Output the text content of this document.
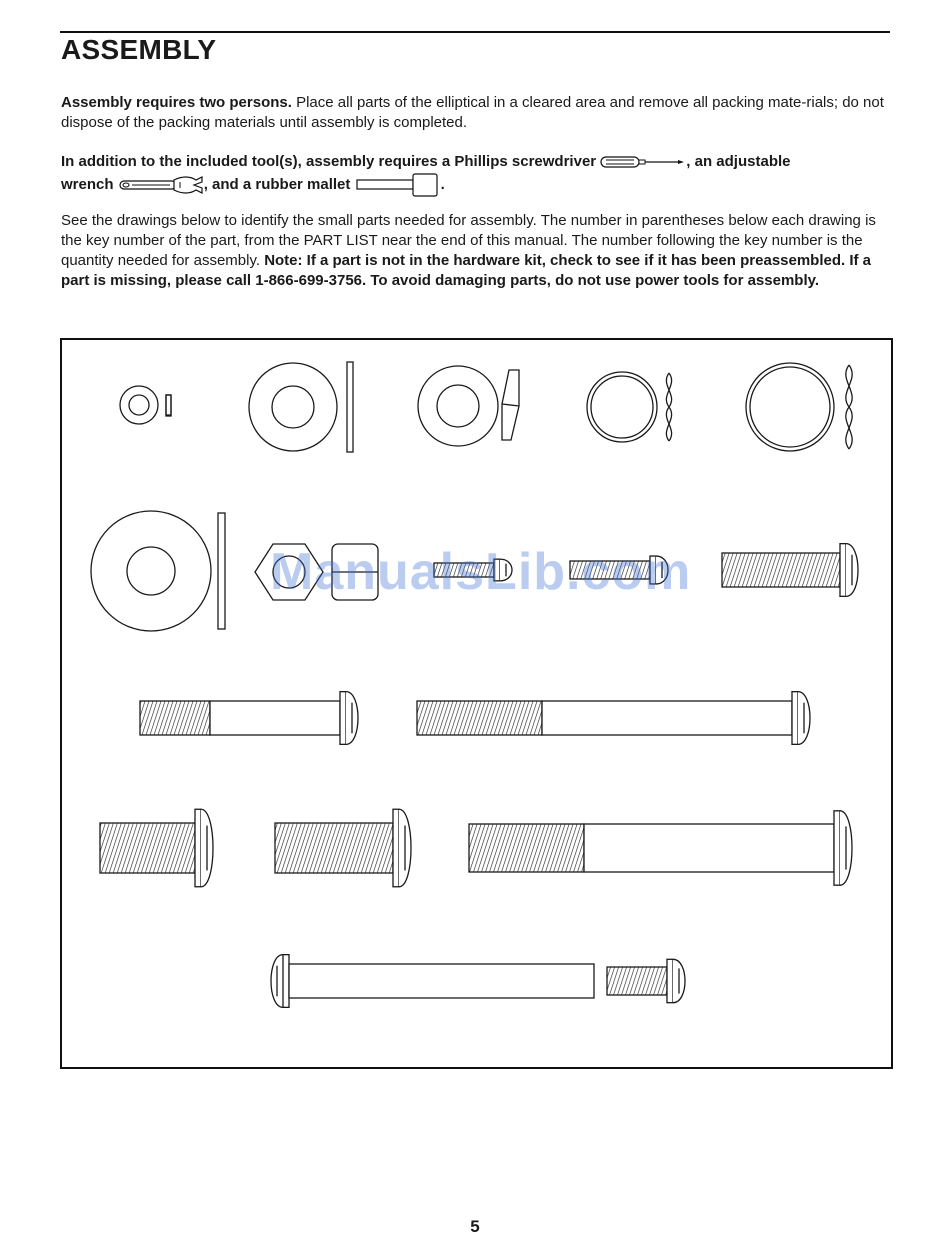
ASSEMBLY

Assembly requires two persons. Place all parts of the elliptical in a cleared area and remove all packing mate-rials; do not dispose of the packing materials until assembly is completed.

In addition to the included tool(s), assembly requires a Phillips screwdriver	, an adjustable
wrench	, and a rubber mallet	.

See the drawings below to identify the small parts needed for assembly. The number in parentheses below each drawing is the key number of the part, from the PART LIST near the end of this manual. The number following the key number is the quantity needed for assembly. Note: If a part is not in the hardware kit, check to see if it has been preassembled. If a part is missing, please call 1-866-699-3756. To avoid damaging parts, do not use power tools for assembly.

ManualsLib.com
5
